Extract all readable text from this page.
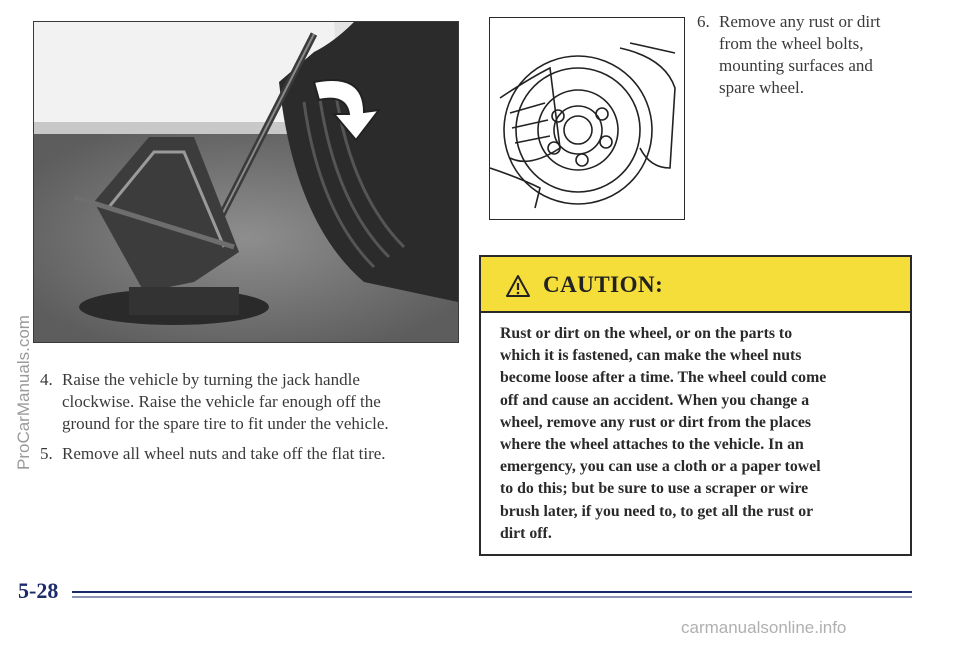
6. Remove any rust or dirt
from the wheel bolts,
mounting surfaces and
spare wheel.
4. Raise the vehicle by turning the jack handle
clockwise. Raise the vehicle far enough off the
ground for the spare tire to fit under the vehicle.
5. Remove all wheel nuts and take off the flat tire.
CAUTION:
Rust or dirt on the wheel, or on the parts to
which it is fastened, can make the wheel nuts
become loose after a time. The wheel could come
off and cause an accident. When you change a
wheel, remove any rust or dirt from the places
where the wheel attaches to the vehicle. In an
emergency, you can use a cloth or a paper towel
to do this; but be sure to use a scraper or wire
brush later, if you need to, to get all the rust or
dirt off.
5-28
ProCarManuals.com
carmanualsonline.info
